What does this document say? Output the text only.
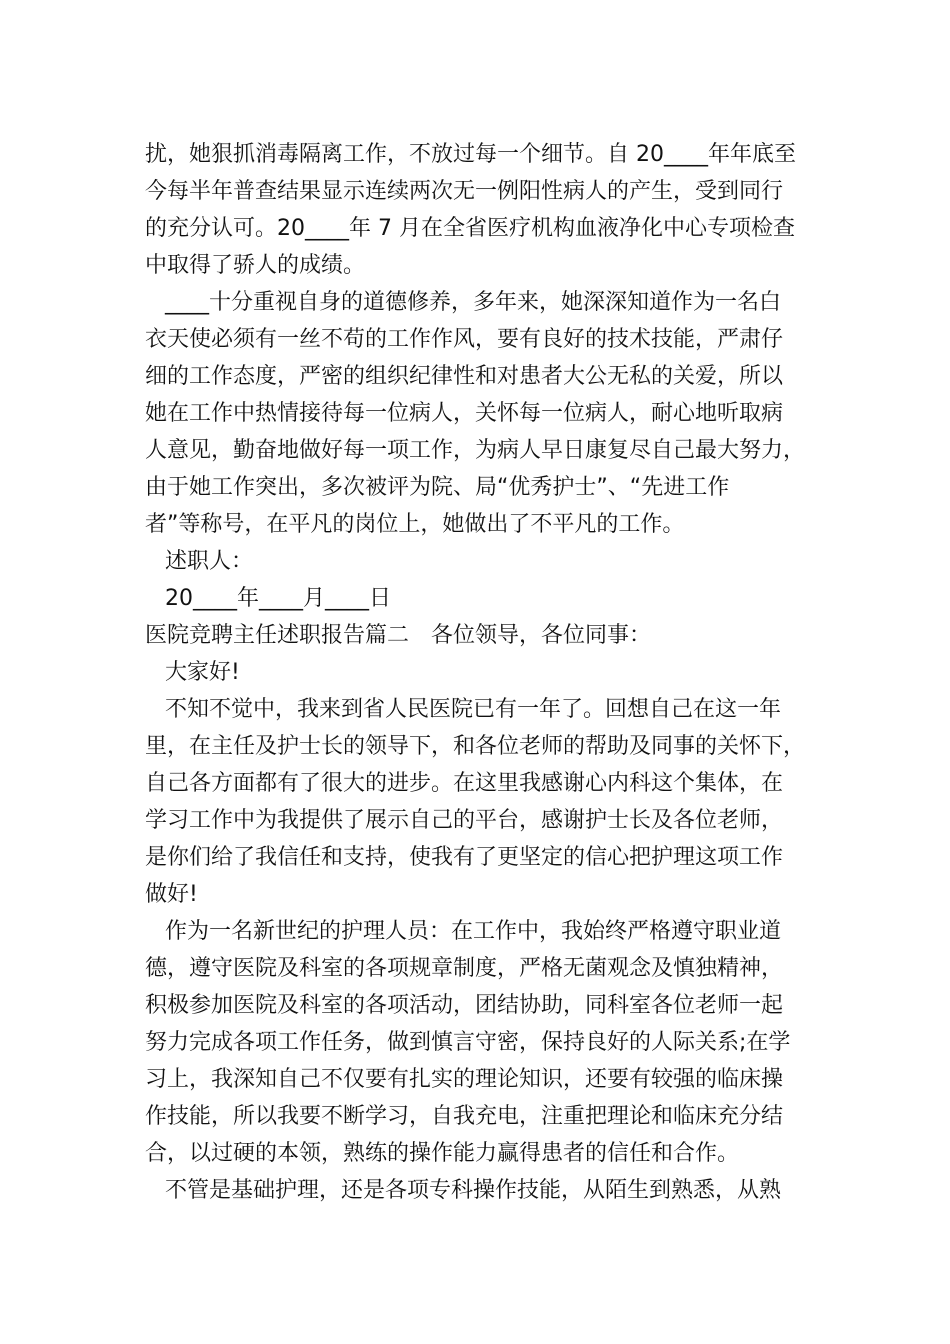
扰，她狠抓消毒隔离工作，不放过每一个细节。自 20____年年底至

今每半年普查结果显示连续两次无一例阳性病人的产生，受到同行

的充分认可。20____年 7 月在全省医疗机构血液净化中心专项检查

中取得了骄人的成绩。

____十分重视自身的道德修养，多年来，她深深知道作为一名白

衣天使必须有一丝不苟的工作作风，要有良好的技术技能，严肃仔

细的工作态度，严密的组织纪律性和对患者大公无私的关爱，所以

她在工作中热情接待每一位病人，关怀每一位病人，耐心地听取病

人意见，勤奋地做好每一项工作，为病人早日康复尽自己最大努力，

由于她工作突出，多次被评为院、局“优秀护士”、“先进工作

者”等称号，在平凡的岗位上，她做出了不平凡的工作。

述职人：

20____年____月____日

医院竞聘主任述职报告篇二　各位领导，各位同事：

大家好!

不知不觉中，我来到省人民医院已有一年了。回想自己在这一年

里，在主任及护士长的领导下，和各位老师的帮助及同事的关怀下，

自己各方面都有了很大的进步。在这里我感谢心内科这个集体，在

学习工作中为我提供了展示自己的平台，感谢护士长及各位老师，

是你们给了我信任和支持，使我有了更坚定的信心把护理这项工作

做好!

作为一名新世纪的护理人员：在工作中，我始终严格遵守职业道

德，遵守医院及科室的各项规章制度，严格无菌观念及慎独精神，

积极参加医院及科室的各项活动，团结协助，同科室各位老师一起

努力完成各项工作任务，做到慎言守密，保持良好的人际关系;在学

习上，我深知自己不仅要有扎实的理论知识，还要有较强的临床操

作技能，所以我要不断学习，自我充电，注重把理论和临床充分结

合，以过硬的本领，熟练的操作能力赢得患者的信任和合作。

不管是基础护理，还是各项专科操作技能，从陌生到熟悉，从熟
